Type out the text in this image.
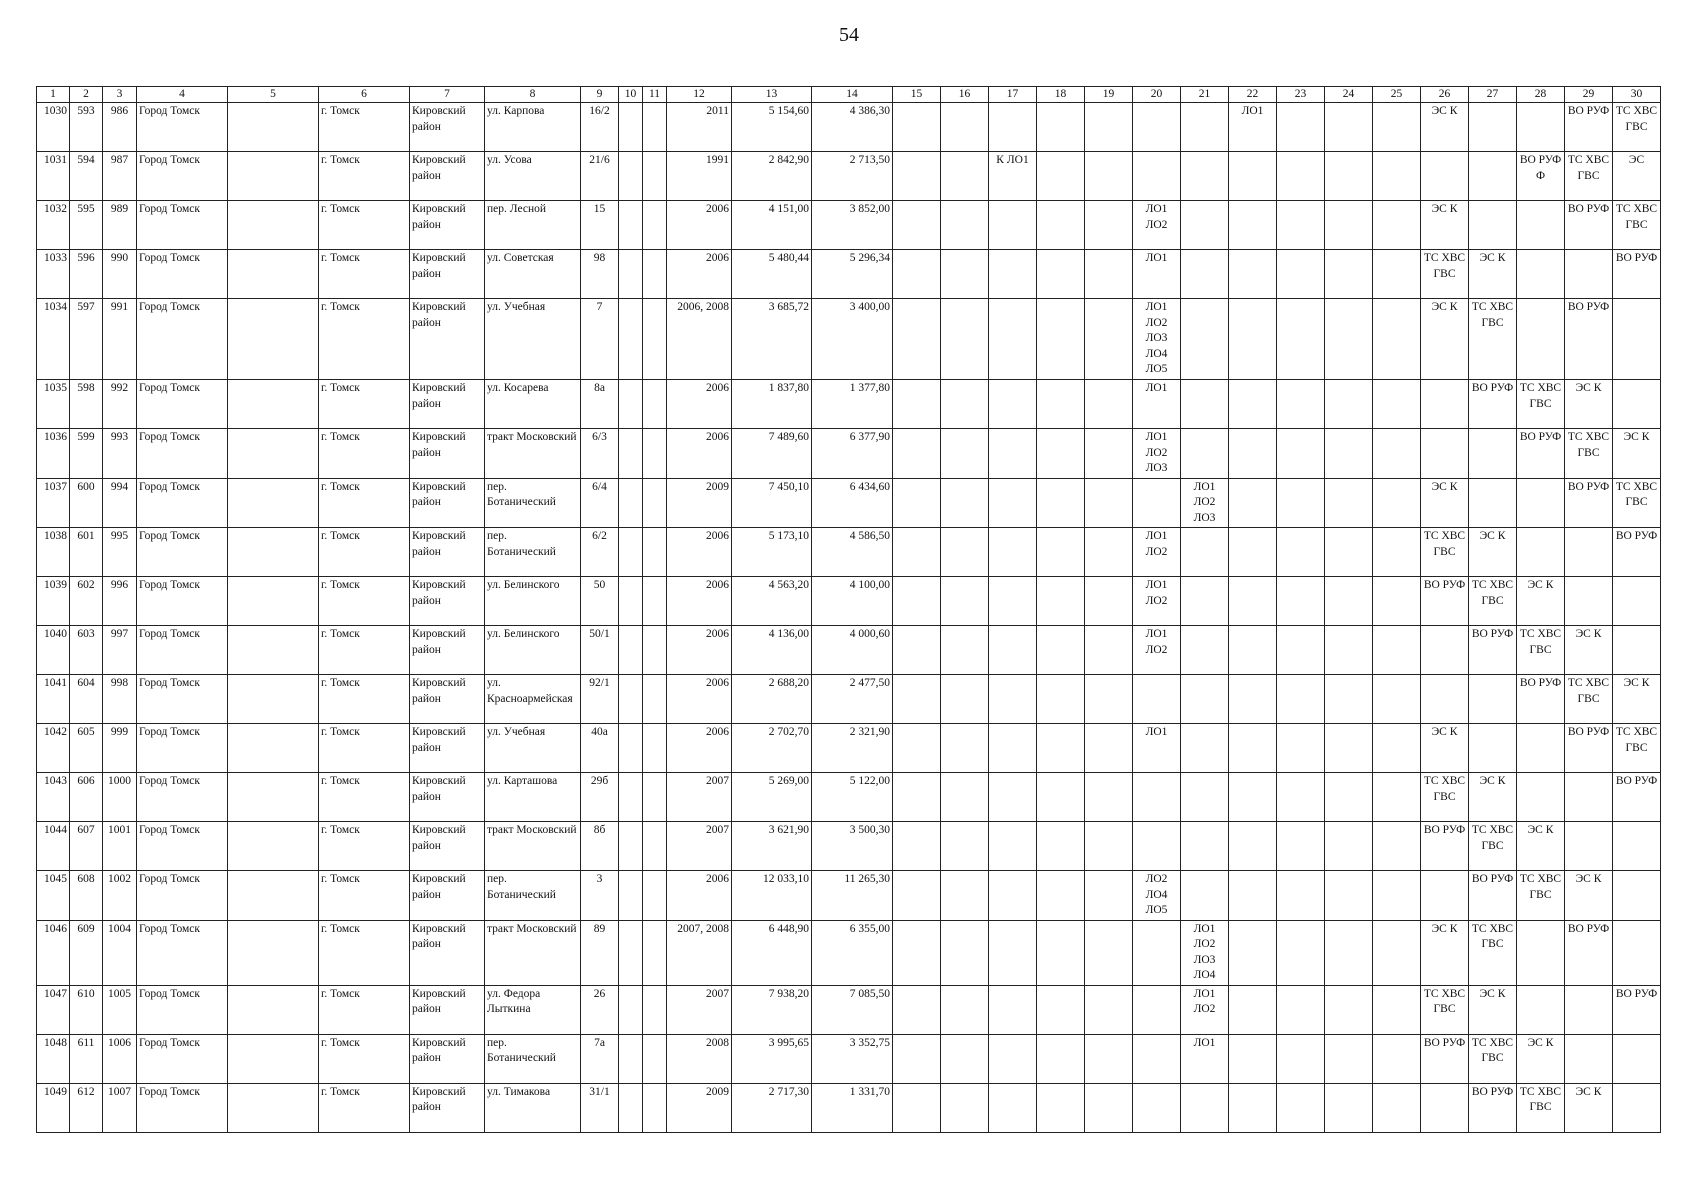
54
1	2	3	4	5	6	7	8	9	10	11	12	13	14	15	16	17	18	19	20	21	22	23	24	25	26	27	28	29	30
1030	593	986	Город Томск		г. Томск	Кировский район	ул. Карпова	16/2			2011	5 154,60	4 386,30								ЛО1				ЭС К			ВО РУФ	ТС ХВС ГВС
1031	594	987	Город Томск		г. Томск	Кировский район	ул. Усова	21/6			1991	2 842,90	2 713,50			К ЛО1											ВО РУФ Ф	ТС ХВС ГВС	ЭС
1032	595	989	Город Томск		г. Томск	Кировский район	пер. Лесной	15			2006	4 151,00	3 852,00						ЛО1 ЛО2						ЭС К			ВО РУФ	ТС ХВС ГВС
1033	596	990	Город Томск		г. Томск	Кировский район	ул. Советская	98			2006	5 480,44	5 296,34						ЛО1						ТС ХВС ГВС	ЭС К			ВО РУФ
1034	597	991	Город Томск		г. Томск	Кировский район	ул. Учебная	7			2006, 2008	3 685,72	3 400,00						ЛО1 ЛО2 ЛО3 ЛО4 ЛО5						ЭС К	ТС ХВС ГВС		ВО РУФ	
1035	598	992	Город Томск		г. Томск	Кировский район	ул. Косарева	8а			2006	1 837,80	1 377,80						ЛО1							ВО РУФ	ТС ХВС ГВС	ЭС К	
1036	599	993	Город Томск		г. Томск	Кировский район	тракт Московский	6/3			2006	7 489,60	6 377,90						ЛО1 ЛО2 ЛО3								ВО РУФ	ТС ХВС ГВС	ЭС К
1037	600	994	Город Томск		г. Томск	Кировский район	пер. Ботанический	6/4			2009	7 450,10	6 434,60							ЛО1 ЛО2 ЛО3					ЭС К			ВО РУФ	ТС ХВС ГВС
1038	601	995	Город Томск		г. Томск	Кировский район	пер. Ботанический	6/2			2006	5 173,10	4 586,50						ЛО1 ЛО2						ТС ХВС ГВС	ЭС К			ВО РУФ
1039	602	996	Город Томск		г. Томск	Кировский район	ул. Белинского	50			2006	4 563,20	4 100,00						ЛО1 ЛО2						ВО РУФ	ТС ХВС ГВС	ЭС К		
1040	603	997	Город Томск		г. Томск	Кировский район	ул. Белинского	50/1			2006	4 136,00	4 000,60						ЛО1 ЛО2							ВО РУФ	ТС ХВС ГВС	ЭС К	
1041	604	998	Город Томск		г. Томск	Кировский район	ул. Красноармейская	92/1			2006	2 688,20	2 477,50														ВО РУФ	ТС ХВС ГВС	ЭС К
1042	605	999	Город Томск		г. Томск	Кировский район	ул. Учебная	40а			2006	2 702,70	2 321,90						ЛО1						ЭС К			ВО РУФ	ТС ХВС ГВС
1043	606	1000	Город Томск		г. Томск	Кировский район	ул. Карташова	29б			2007	5 269,00	5 122,00												ТС ХВС ГВС	ЭС К			ВО РУФ
1044	607	1001	Город Томск		г. Томск	Кировский район	тракт Московский	8б			2007	3 621,90	3 500,30												ВО РУФ	ТС ХВС ГВС	ЭС К		
1045	608	1002	Город Томск		г. Томск	Кировский район	пер. Ботанический	3			2006	12 033,10	11 265,30						ЛО2 ЛО4 ЛО5							ВО РУФ	ТС ХВС ГВС	ЭС К	
1046	609	1004	Город Томск		г. Томск	Кировский район	тракт Московский	89			2007, 2008	6 448,90	6 355,00							ЛО1 ЛО2 ЛО3 ЛО4					ЭС К	ТС ХВС ГВС		ВО РУФ	
1047	610	1005	Город Томск		г. Томск	Кировский район	ул. Федора Лыткина	26			2007	7 938,20	7 085,50							ЛО1 ЛО2					ТС ХВС ГВС	ЭС К			ВО РУФ
1048	611	1006	Город Томск		г. Томск	Кировский район	пер. Ботанический	7а			2008	3 995,65	3 352,75							ЛО1					ВО РУФ	ТС ХВС ГВС	ЭС К		
1049	612	1007	Город Томск		г. Томск	Кировский район	ул. Тимакова	31/1			2009	2 717,30	1 331,70													ВО РУФ	ТС ХВС ГВС	ЭС К	
